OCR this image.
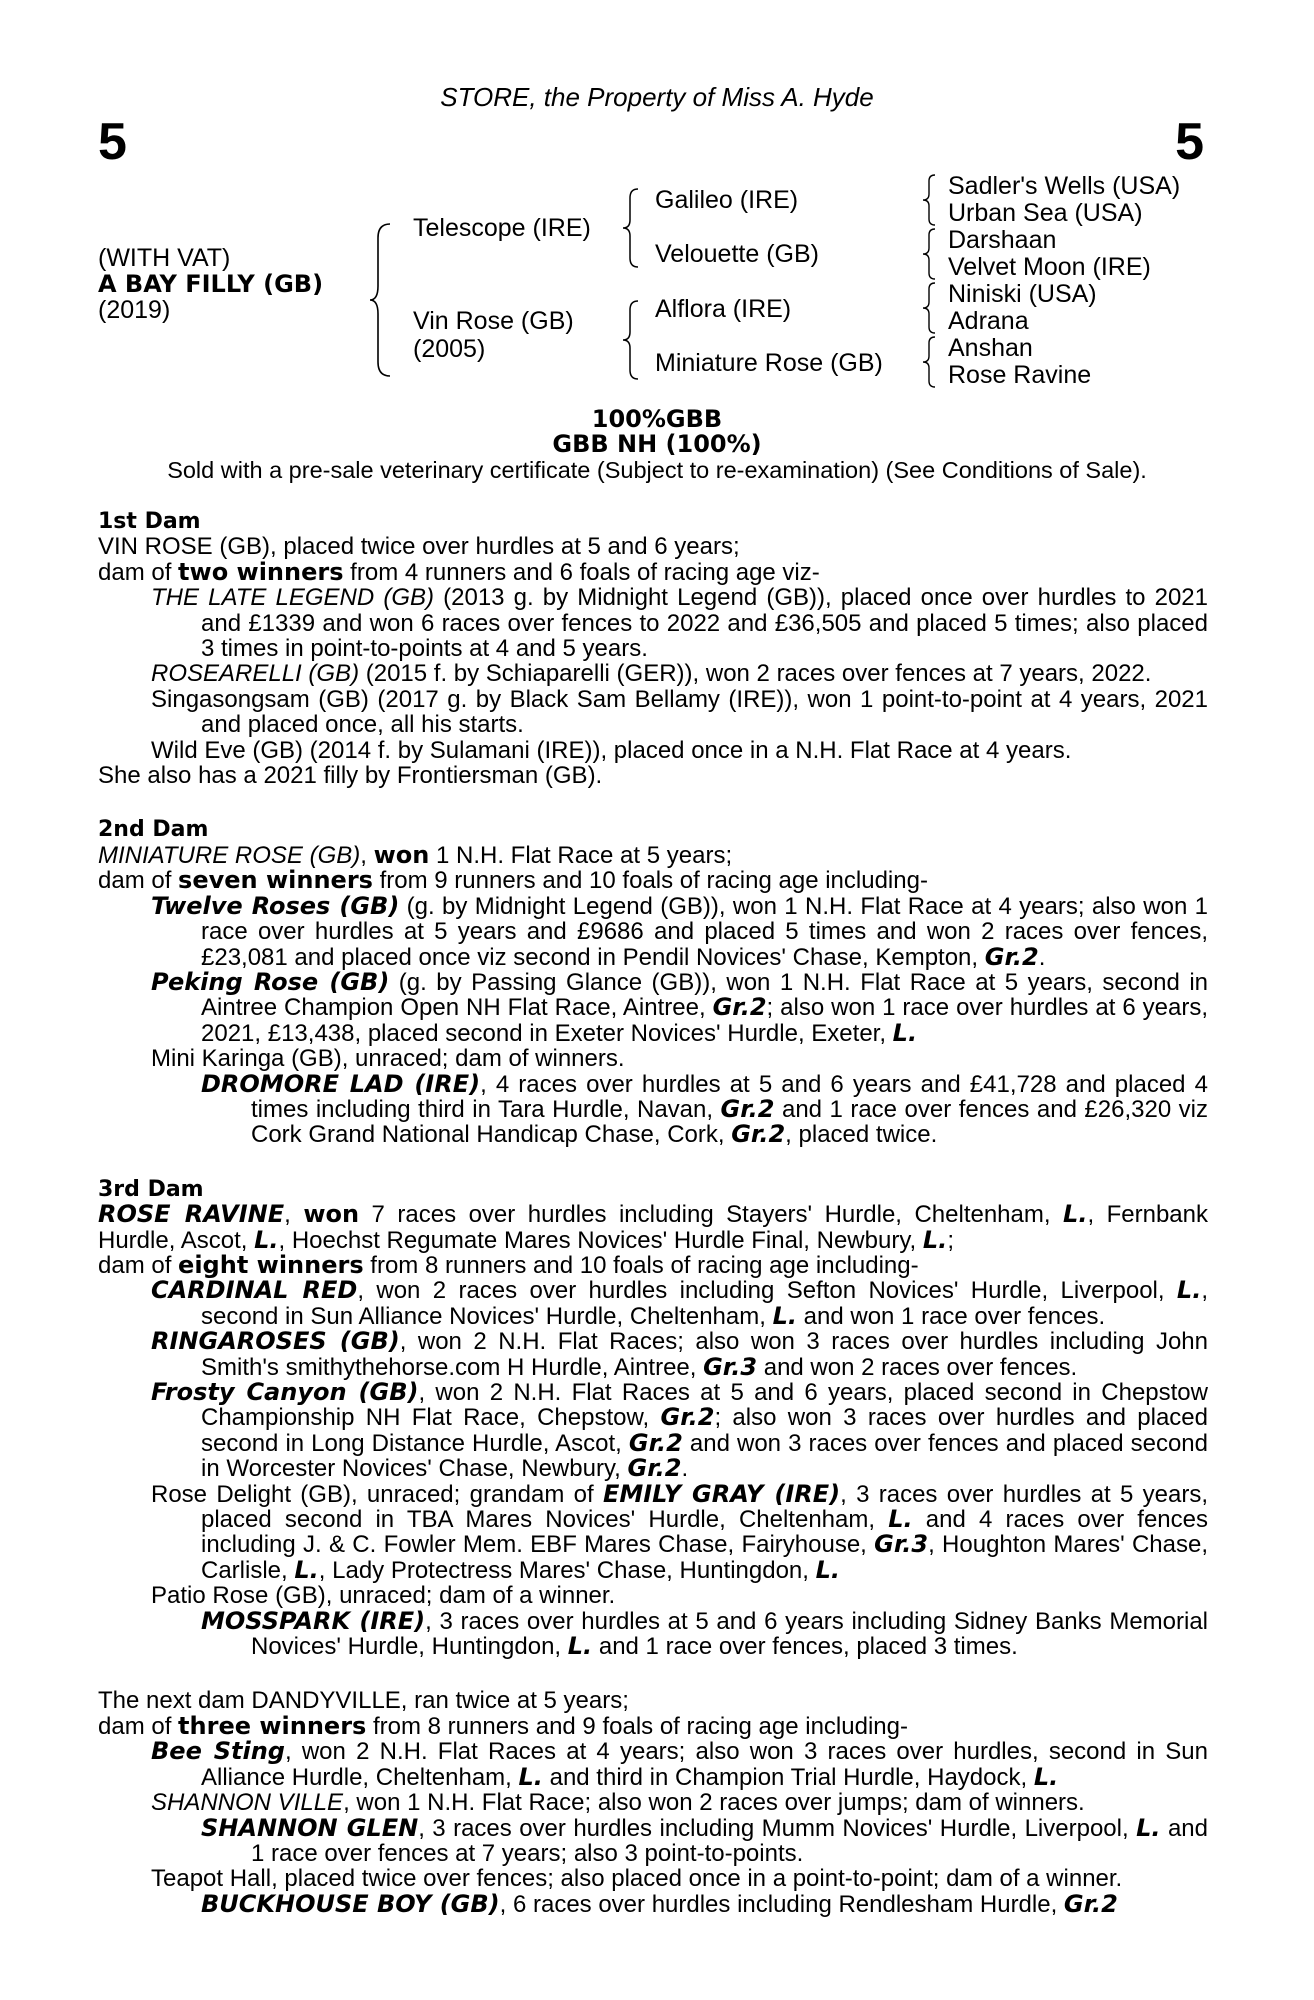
STORE, the Property of Miss A. Hyde
5	5
(WITH VAT)
A BAY FILLY (GB)
(2019)
Telescope (IRE)
Vin Rose (GB)
(2005)
Galileo (IRE)
Velouette (GB)
Alflora (IRE)
Miniature Rose (GB)
Sadler's Wells (USA)
Urban Sea (USA)
Darshaan
Velvet Moon (IRE)
Niniski (USA)
Adrana
Anshan
Rose Ravine
100%GBB
GBB NH (100%)
Sold with a pre-sale veterinary certificate (Subject to re-examination) (See Conditions of Sale).
1st Dam
VIN ROSE (GB), placed twice over hurdles at 5 and 6 years;
dam of two winners from 4 runners and 6 foals of racing age viz-
THE LATE LEGEND (GB) (2013 g. by Midnight Legend (GB)), placed once over hurdles to 2021 and £1339 and won 6 races over fences to 2022 and £36,505 and placed 5 times; also placed 3 times in point-to-points at 4 and 5 years.
ROSEARELLI (GB) (2015 f. by Schiaparelli (GER)), won 2 races over fences at 7 years, 2022.
Singasongsam (GB) (2017 g. by Black Sam Bellamy (IRE)), won 1 point-to-point at 4 years, 2021 and placed once, all his starts.
Wild Eve (GB) (2014 f. by Sulamani (IRE)), placed once in a N.H. Flat Race at 4 years.
She also has a 2021 filly by Frontiersman (GB).
2nd Dam
MINIATURE ROSE (GB), won 1 N.H. Flat Race at 5 years;
dam of seven winners from 9 runners and 10 foals of racing age including-
Twelve Roses (GB) (g. by Midnight Legend (GB)), won 1 N.H. Flat Race at 4 years; also won 1 race over hurdles at 5 years and £9686 and placed 5 times and won 2 races over fences, £23,081 and placed once viz second in Pendil Novices' Chase, Kempton, Gr.2.
Peking Rose (GB) (g. by Passing Glance (GB)), won 1 N.H. Flat Race at 5 years, second in Aintree Champion Open NH Flat Race, Aintree, Gr.2; also won 1 race over hurdles at 6 years, 2021, £13,438, placed second in Exeter Novices' Hurdle, Exeter, L.
Mini Karinga (GB), unraced; dam of winners.
DROMORE LAD (IRE), 4 races over hurdles at 5 and 6 years and £41,728 and placed 4 times including third in Tara Hurdle, Navan, Gr.2 and 1 race over fences and £26,320 viz Cork Grand National Handicap Chase, Cork, Gr.2, placed twice.
3rd Dam
ROSE RAVINE, won 7 races over hurdles including Stayers' Hurdle, Cheltenham, L., Fernbank Hurdle, Ascot, L., Hoechst Regumate Mares Novices' Hurdle Final, Newbury, L.;
dam of eight winners from 8 runners and 10 foals of racing age including-
CARDINAL RED, won 2 races over hurdles including Sefton Novices' Hurdle, Liverpool, L., second in Sun Alliance Novices' Hurdle, Cheltenham, L. and won 1 race over fences.
RINGAROSES (GB), won 2 N.H. Flat Races; also won 3 races over hurdles including John Smith's smithythehorse.com H Hurdle, Aintree, Gr.3 and won 2 races over fences.
Frosty Canyon (GB), won 2 N.H. Flat Races at 5 and 6 years, placed second in Chepstow Championship NH Flat Race, Chepstow, Gr.2; also won 3 races over hurdles and placed second in Long Distance Hurdle, Ascot, Gr.2 and won 3 races over fences and placed second in Worcester Novices' Chase, Newbury, Gr.2.
Rose Delight (GB), unraced; grandam of EMILY GRAY (IRE), 3 races over hurdles at 5 years, placed second in TBA Mares Novices' Hurdle, Cheltenham, L. and 4 races over fences including J. & C. Fowler Mem. EBF Mares Chase, Fairyhouse, Gr.3, Houghton Mares' Chase, Carlisle, L., Lady Protectress Mares' Chase, Huntingdon, L.
Patio Rose (GB), unraced; dam of a winner.
MOSSPARK (IRE), 3 races over hurdles at 5 and 6 years including Sidney Banks Memorial Novices' Hurdle, Huntingdon, L. and 1 race over fences, placed 3 times.
The next dam DANDYVILLE, ran twice at 5 years;
dam of three winners from 8 runners and 9 foals of racing age including-
Bee Sting, won 2 N.H. Flat Races at 4 years; also won 3 races over hurdles, second in Sun Alliance Hurdle, Cheltenham, L. and third in Champion Trial Hurdle, Haydock, L.
SHANNON VILLE, won 1 N.H. Flat Race; also won 2 races over jumps; dam of winners.
SHANNON GLEN, 3 races over hurdles including Mumm Novices' Hurdle, Liverpool, L. and 1 race over fences at 7 years; also 3 point-to-points.
Teapot Hall, placed twice over fences; also placed once in a point-to-point; dam of a winner.
BUCKHOUSE BOY (GB), 6 races over hurdles including Rendlesham Hurdle, Gr.2
